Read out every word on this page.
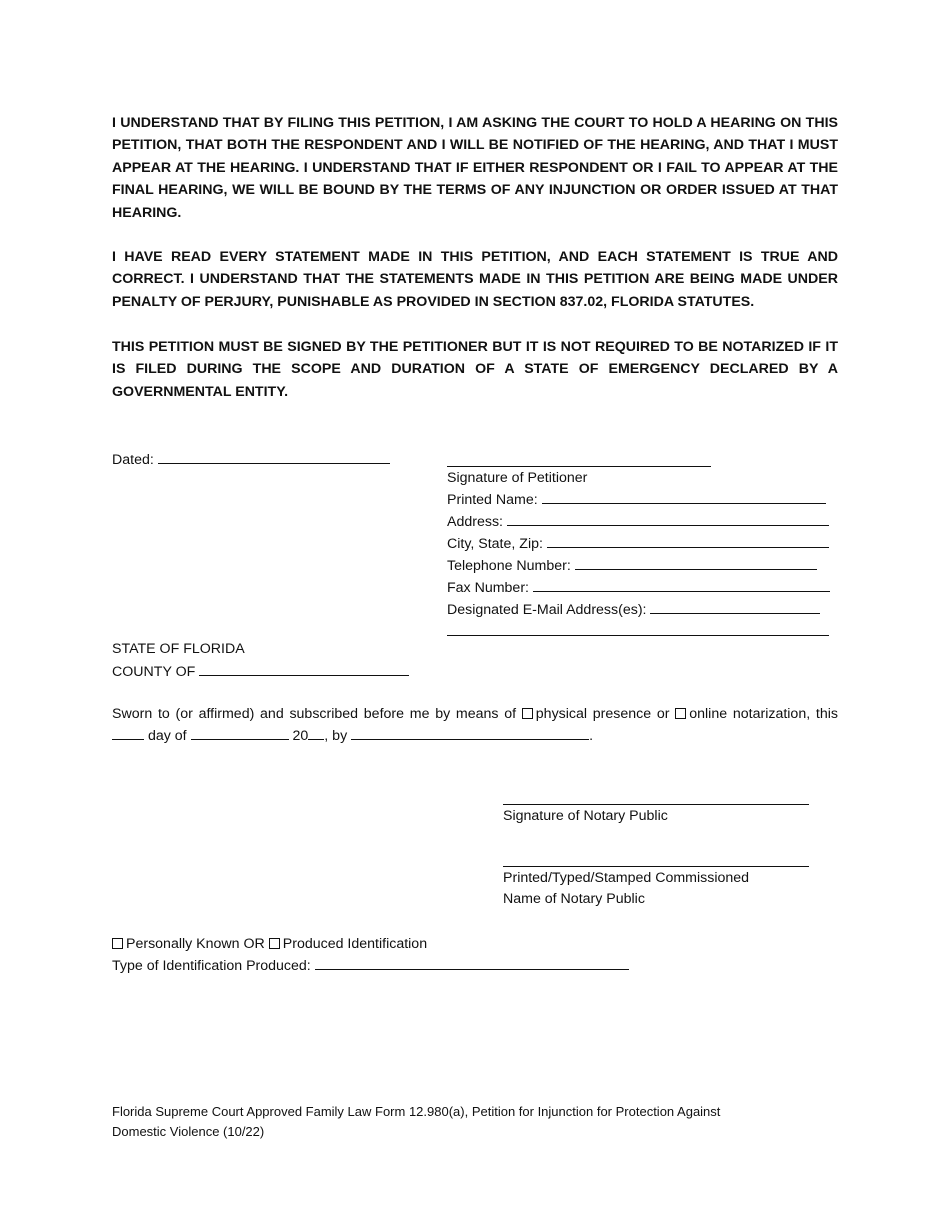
I UNDERSTAND THAT BY FILING THIS PETITION, I AM ASKING THE COURT TO HOLD A HEARING ON THIS PETITION, THAT BOTH THE RESPONDENT AND I WILL BE NOTIFIED OF THE HEARING, AND THAT I MUST APPEAR AT THE HEARING. I UNDERSTAND THAT IF EITHER RESPONDENT OR I FAIL TO APPEAR AT THE FINAL HEARING, WE WILL BE BOUND BY THE TERMS OF ANY INJUNCTION OR ORDER ISSUED AT THAT HEARING.

I HAVE READ EVERY STATEMENT MADE IN THIS PETITION, AND EACH STATEMENT IS TRUE AND CORRECT. I UNDERSTAND THAT THE STATEMENTS MADE IN THIS PETITION ARE BEING MADE UNDER PENALTY OF PERJURY, PUNISHABLE AS PROVIDED IN SECTION 837.02, FLORIDA STATUTES.

THIS PETITION MUST BE SIGNED BY THE PETITIONER BUT IT IS NOT REQUIRED TO BE NOTARIZED IF IT IS FILED DURING THE SCOPE AND DURATION OF A STATE OF EMERGENCY DECLARED BY A GOVERNMENTAL ENTITY.

Dated:
Signature of Petitioner
Printed Name:
Address:
City, State, Zip:
Telephone Number:
Fax Number:
Designated E-Mail Address(es):
STATE OF FLORIDA
COUNTY OF

Sworn to (or affirmed) and subscribed before me by means of physical presence or online notarization, this  day of	20 , by	.

Signature of Notary Public
Printed/Typed/Stamped Commissioned
Name of Notary Public
Personally Known OR Produced Identification
Type of Identification Produced:
Florida Supreme Court Approved Family Law Form 12.980(a), Petition for Injunction for Protection Against
Domestic Violence (10/22)
